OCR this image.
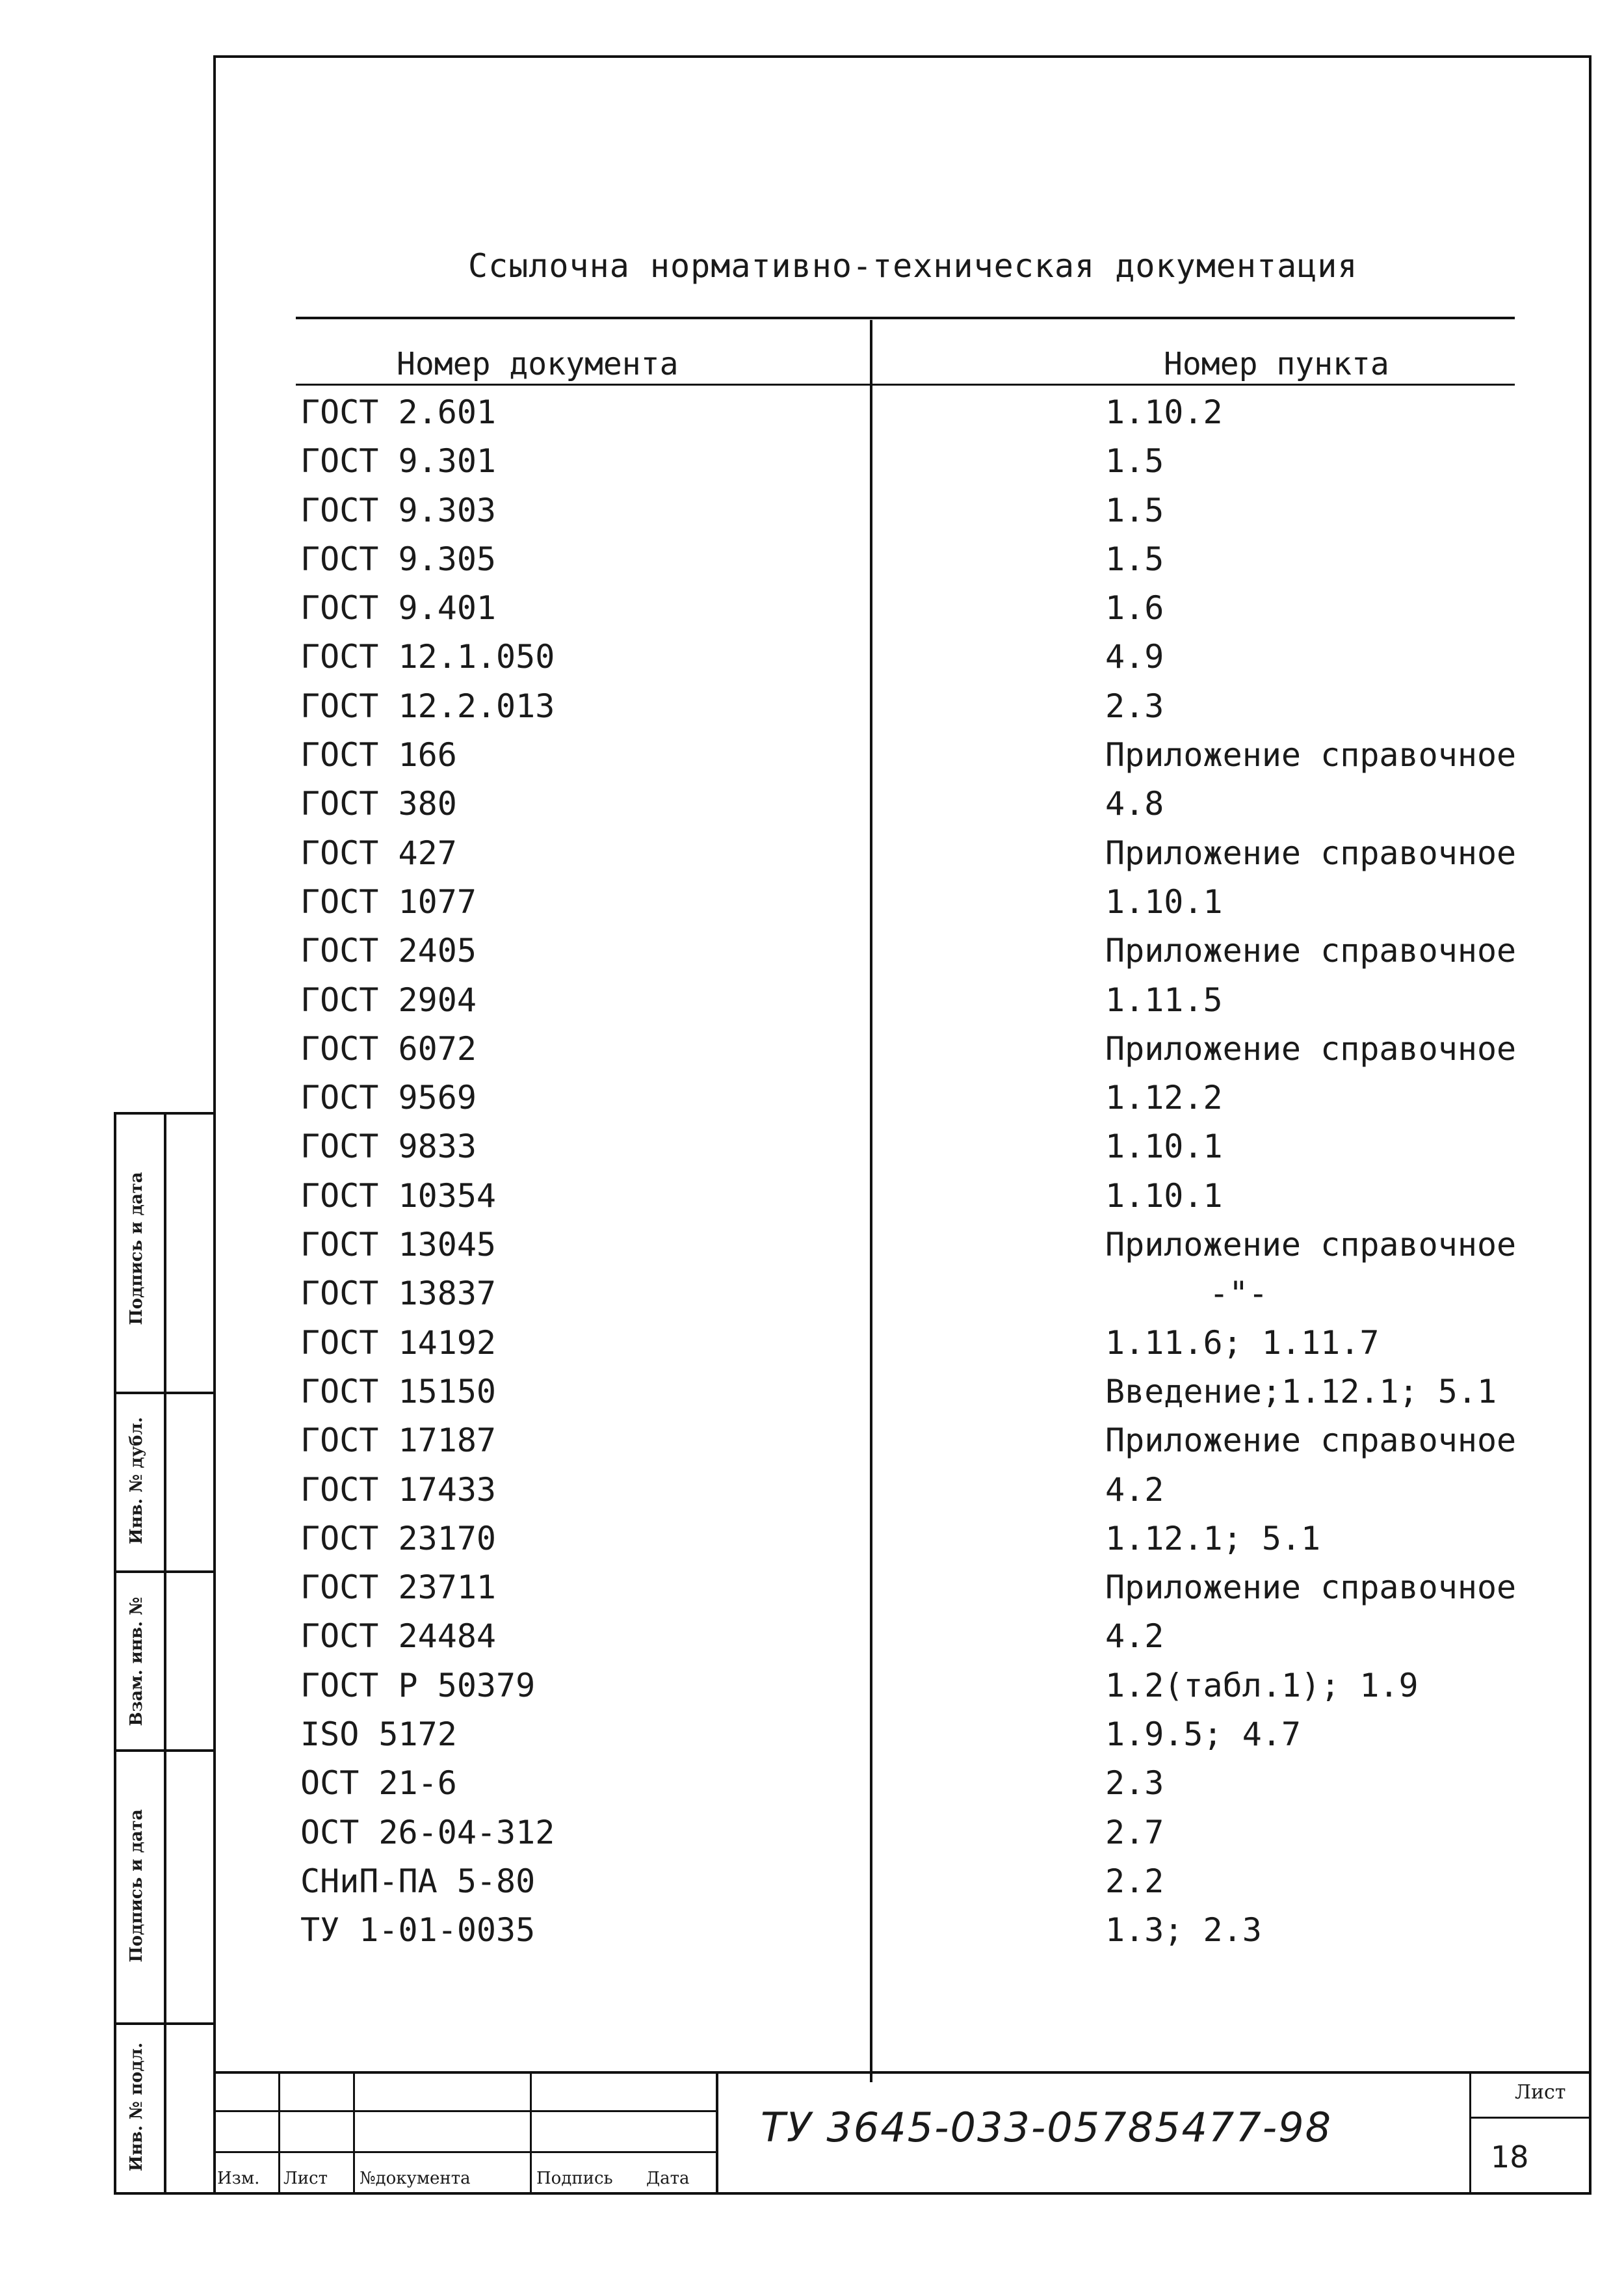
Ссылочна нормативно-техническая документация
Номер документа	Номер пункта
ГОСТ 2.601
ГОСТ 9.301
ГОСТ 9.303
ГОСТ 9.305
ГОСТ 9.401
ГОСТ 12.1.050
ГОСТ 12.2.013
ГОСТ 166
ГОСТ 380
ГОСТ 427
ГОСТ 1077
ГОСТ 2405
ГОСТ 2904
ГОСТ 6072
ГОСТ 9569
ГОСТ 9833
ГОСТ 10354
ГОСТ 13045
ГОСТ 13837
ГОСТ 14192
ГОСТ 15150
ГОСТ 17187
ГОСТ 17433
ГОСТ 23170
ГОСТ 23711
ГОСТ 24484
ГОСТ Р 50379
ISO 5172
ОСТ 21-6
ОСТ 26-04-312
СНиП-ПА 5-80
ТУ 1-01-0035
1.10.2
1.5
1.5
1.5
1.6
4.9
2.3
Приложение справочное
4.8
Приложение справочное
1.10.1
Приложение справочное
1.11.5
Приложение справочное
1.12.2
1.10.1
1.10.1
Приложение справочное
-"-
1.11.6; 1.11.7
Введение;1.12.1; 5.1
Приложение справочное
4.2
1.12.1; 5.1
Приложение справочное
4.2
1.2(табл.1); 1.9
1.9.5; 4.7
2.3
2.7
2.2
1.3; 2.3
Подпись и дата
Инв. № дубл.
Взам. инв. №
Подпись и дата
Инв. № подл.
Изм. Лист №документа	Подпись Дата
ТУ 3645-033-05785477-98
Лист
18
